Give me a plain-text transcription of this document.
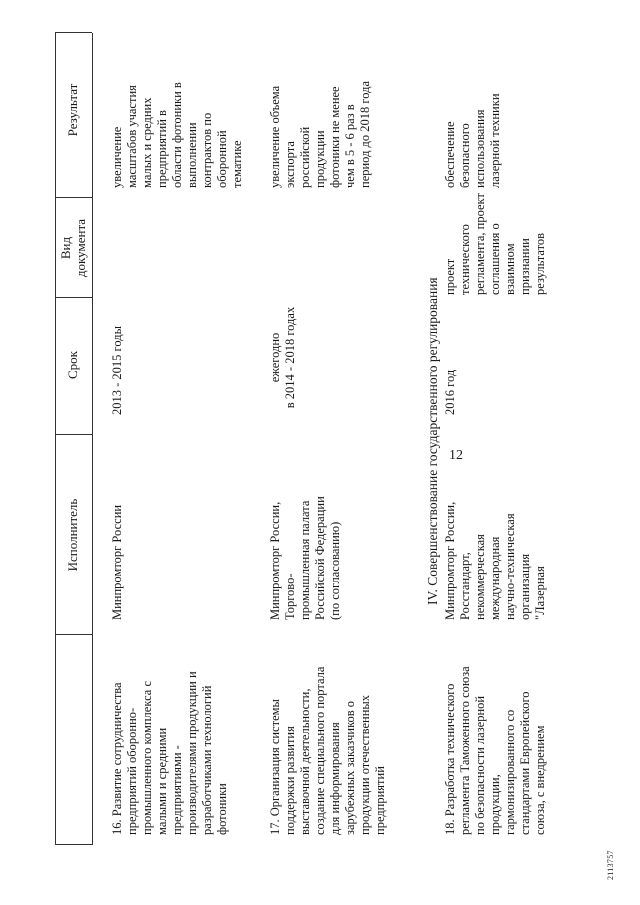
12
Исполнитель
Срок
Вид
документа
Результат
16. Развитие сотрудничества
предприятий оборонно-
промышленного комплекса с
малыми и средними
предприятиями -
производителями продукции и
разработчиками технологий
фотоники
Минпромторг России
2013 - 2015 годы
увеличение
масштабов участия
малых и средних
предприятий в
области фотоники в
выполнении
контрактов по
оборонной
тематике
17. Организация системы
поддержки развития
выставочной деятельности,
создание специального портала
для информирования
зарубежных заказчиков о
продукции отечественных
предприятий
Минпромторг России,
Торгово-
промышленная палата
Российской Федерации
(по согласованию)
ежегодно
в 2014 - 2018 годах
увеличение объема
экспорта
российской
продукции
фотоники не менее
чем в 5 - 6 раз в
период до 2018 года
IV. Совершенствование государственного регулирования
18. Разработка технического
регламента Таможенного союза
по безопасности лазерной
продукции,
гармонизированного со
стандартами Европейского
союза, с внедрением
Минпромторг России,
Росстандарт,
некоммерческая
международная
научно-техническая
организация
"Лазерная
2016 год
проект
технического
регламента, проект
соглашения о
взаимном
признании
результатов
обеспечение
безопасного
использования
лазерной техники
2113757
